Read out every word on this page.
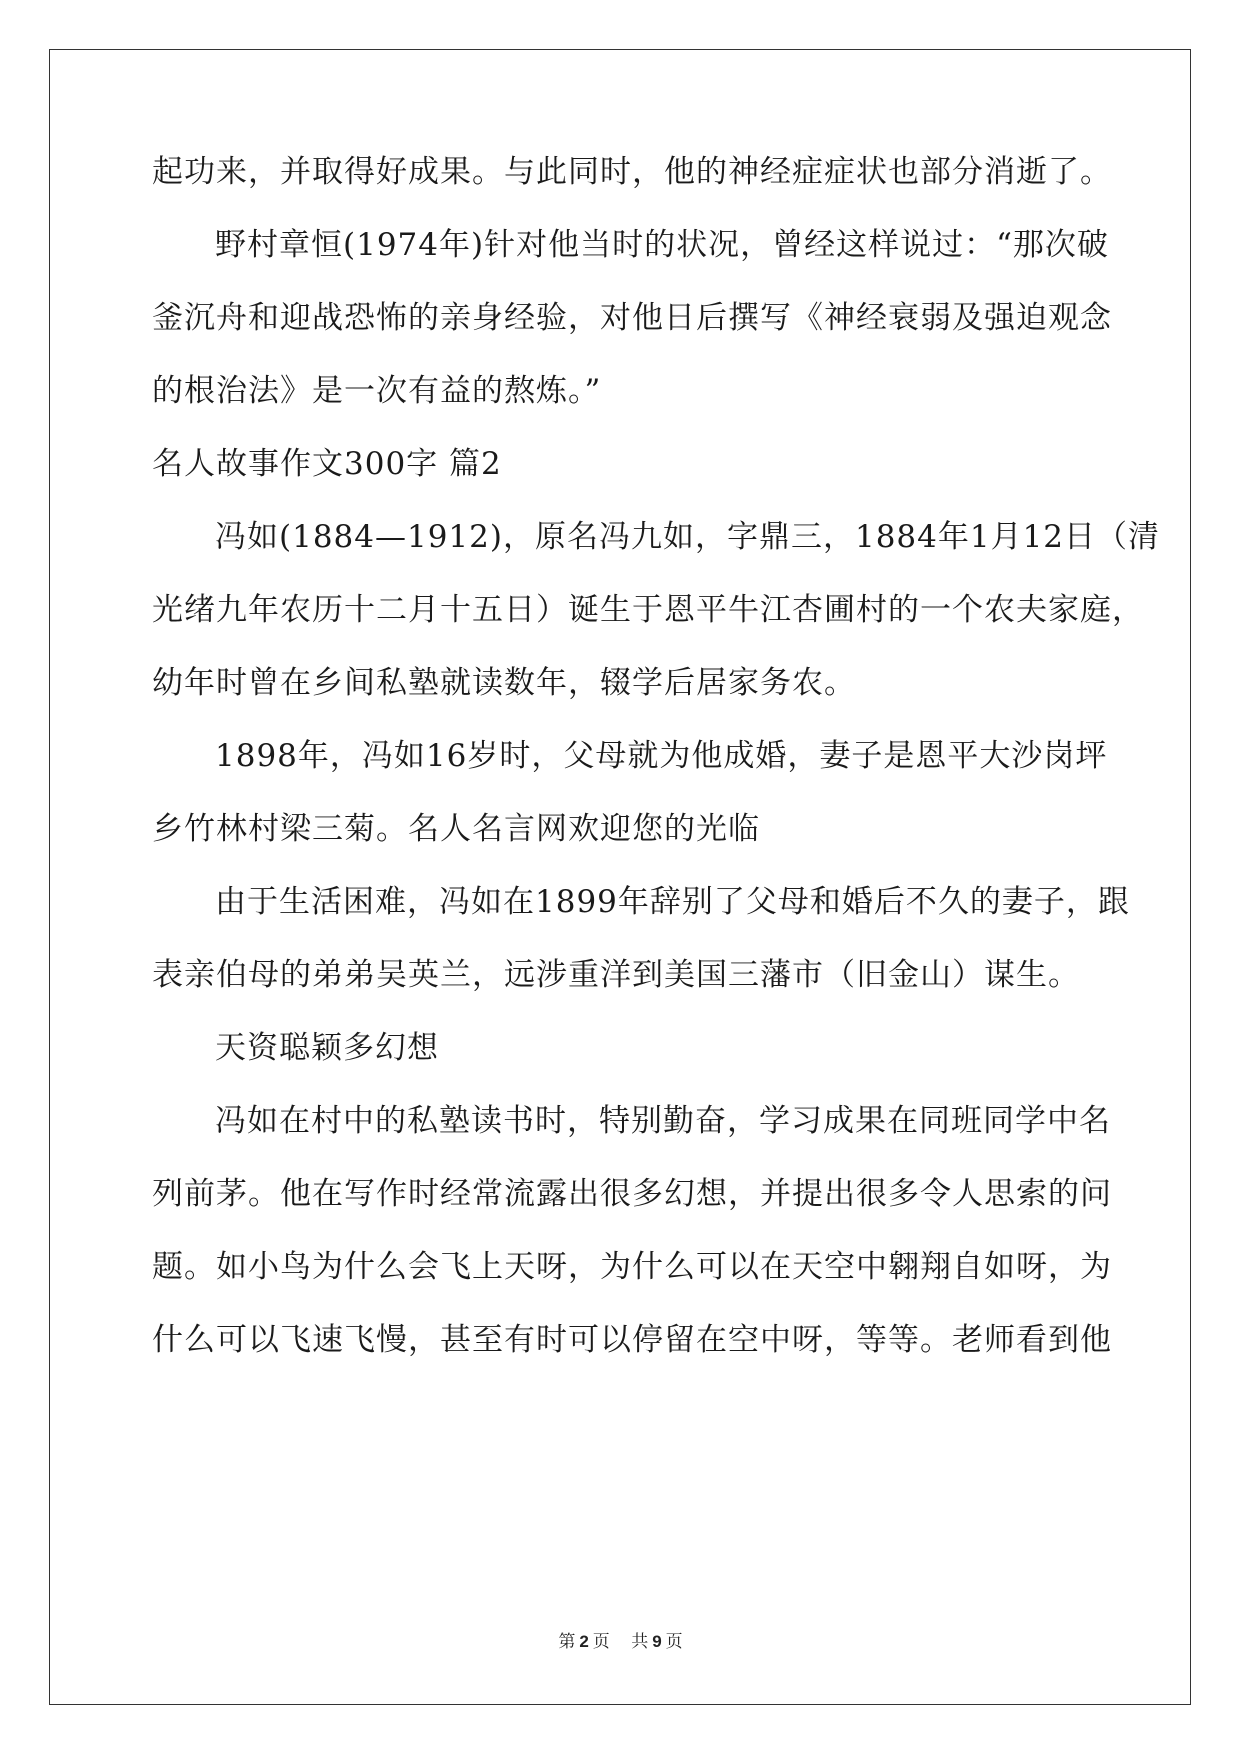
起功来，并取得好成果。与此同时，他的神经症症状也部分消逝了。
野村章恒(1974年)针对他当时的状况，曾经这样说过：“那次破
釜沉舟和迎战恐怖的亲身经验，对他日后撰写《神经衰弱及强迫观念
的根治法》是一次有益的熬炼。”
名人故事作文300字 篇2
冯如(1884—1912)，原名冯九如，字鼎三，1884年1月12日（清
光绪九年农历十二月十五日）诞生于恩平牛江杏圃村的一个农夫家庭，
幼年时曾在乡间私塾就读数年，辍学后居家务农。
1898年，冯如16岁时，父母就为他成婚，妻子是恩平大沙岗坪
乡竹林村梁三菊。名人名言网欢迎您的光临
由于生活困难，冯如在1899年辞别了父母和婚后不久的妻子，跟
表亲伯母的弟弟吴英兰，远涉重洋到美国三藩市（旧金山）谋生。
天资聪颖多幻想
冯如在村中的私塾读书时，特别勤奋，学习成果在同班同学中名
列前茅。他在写作时经常流露出很多幻想，并提出很多令人思索的问
题。如小鸟为什么会飞上天呀，为什么可以在天空中翱翔自如呀，为
什么可以飞速飞慢，甚至有时可以停留在空中呀，等等。老师看到他
第 2 页 共 9 页
